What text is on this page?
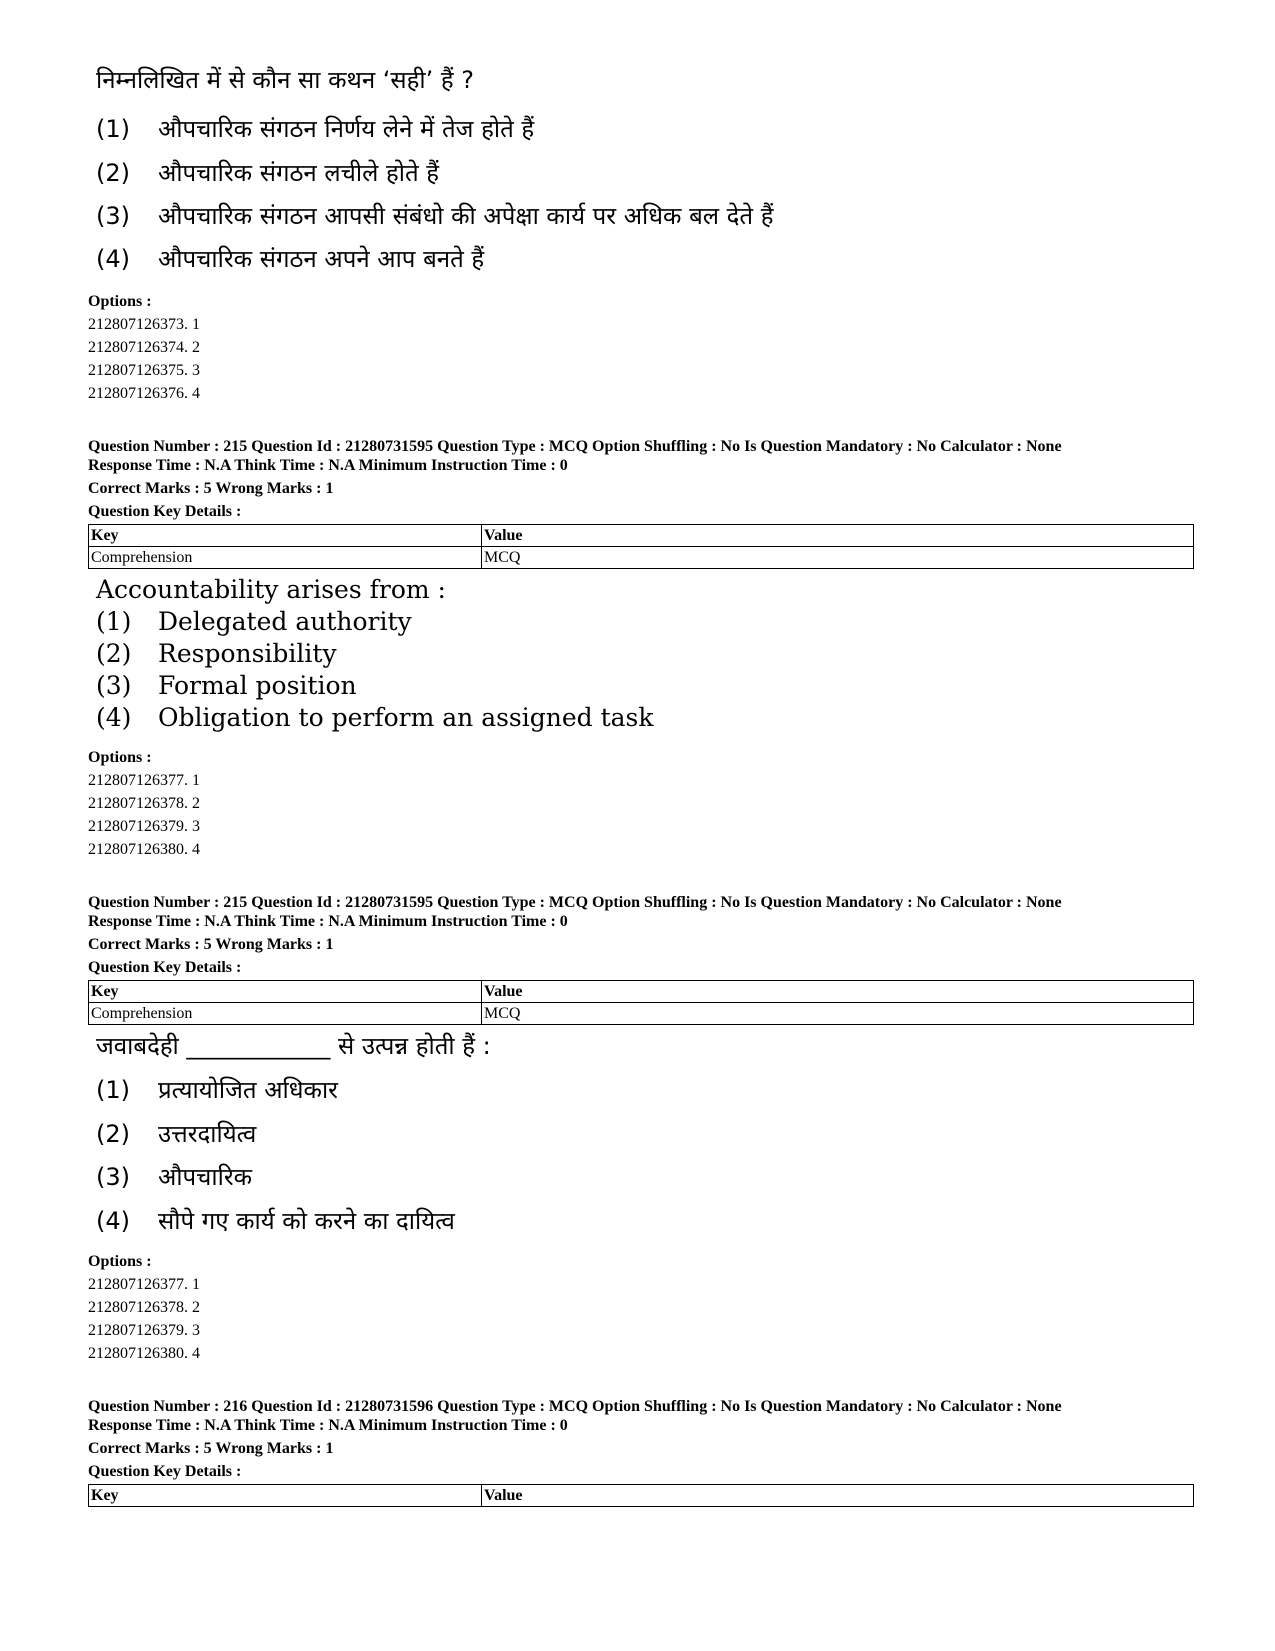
निम्नलिखित में से कौन सा कथन ‘सही’ हैं ?
(1) औपचारिक संगठन निर्णय लेने में तेज होते हैं
(2) औपचारिक संगठन लचीले होते हैं
(3) औपचारिक संगठन आपसी संबंधो की अपेक्षा कार्य पर अधिक बल देते हैं
(4) औपचारिक संगठन अपने आप बनते हैं
Options :
212807126373. 1
212807126374. 2
212807126375. 3
212807126376. 4
Question Number : 215 Question Id : 21280731595 Question Type : MCQ Option Shuffling : No Is Question Mandatory : No Calculator : None
Response Time : N.A Think Time : N.A Minimum Instruction Time : 0
Correct Marks : 5 Wrong Marks : 1
Question Key Details :
Key	Value
Comprehension	MCQ
Accountability arises from :
(1) Delegated authority
(2) Responsibility
(3) Formal position
(4) Obligation to perform an assigned task
Options :
212807126377. 1
212807126378. 2
212807126379. 3
212807126380. 4
Question Number : 215 Question Id : 21280731595 Question Type : MCQ Option Shuffling : No Is Question Mandatory : No Calculator : None
Response Time : N.A Think Time : N.A Minimum Instruction Time : 0
Correct Marks : 5 Wrong Marks : 1
Question Key Details :
Key	Value
Comprehension	MCQ
जवाबदेही ____________ से उत्पन्न होती हैं :
(1) प्रत्यायोजित अधिकार
(2) उत्तरदायित्व
(3) औपचारिक
(4) सौपे गए कार्य को करने का दायित्व
Options :
212807126377. 1
212807126378. 2
212807126379. 3
212807126380. 4
Question Number : 216 Question Id : 21280731596 Question Type : MCQ Option Shuffling : No Is Question Mandatory : No Calculator : None
Response Time : N.A Think Time : N.A Minimum Instruction Time : 0
Correct Marks : 5 Wrong Marks : 1
Question Key Details :
Key	Value
